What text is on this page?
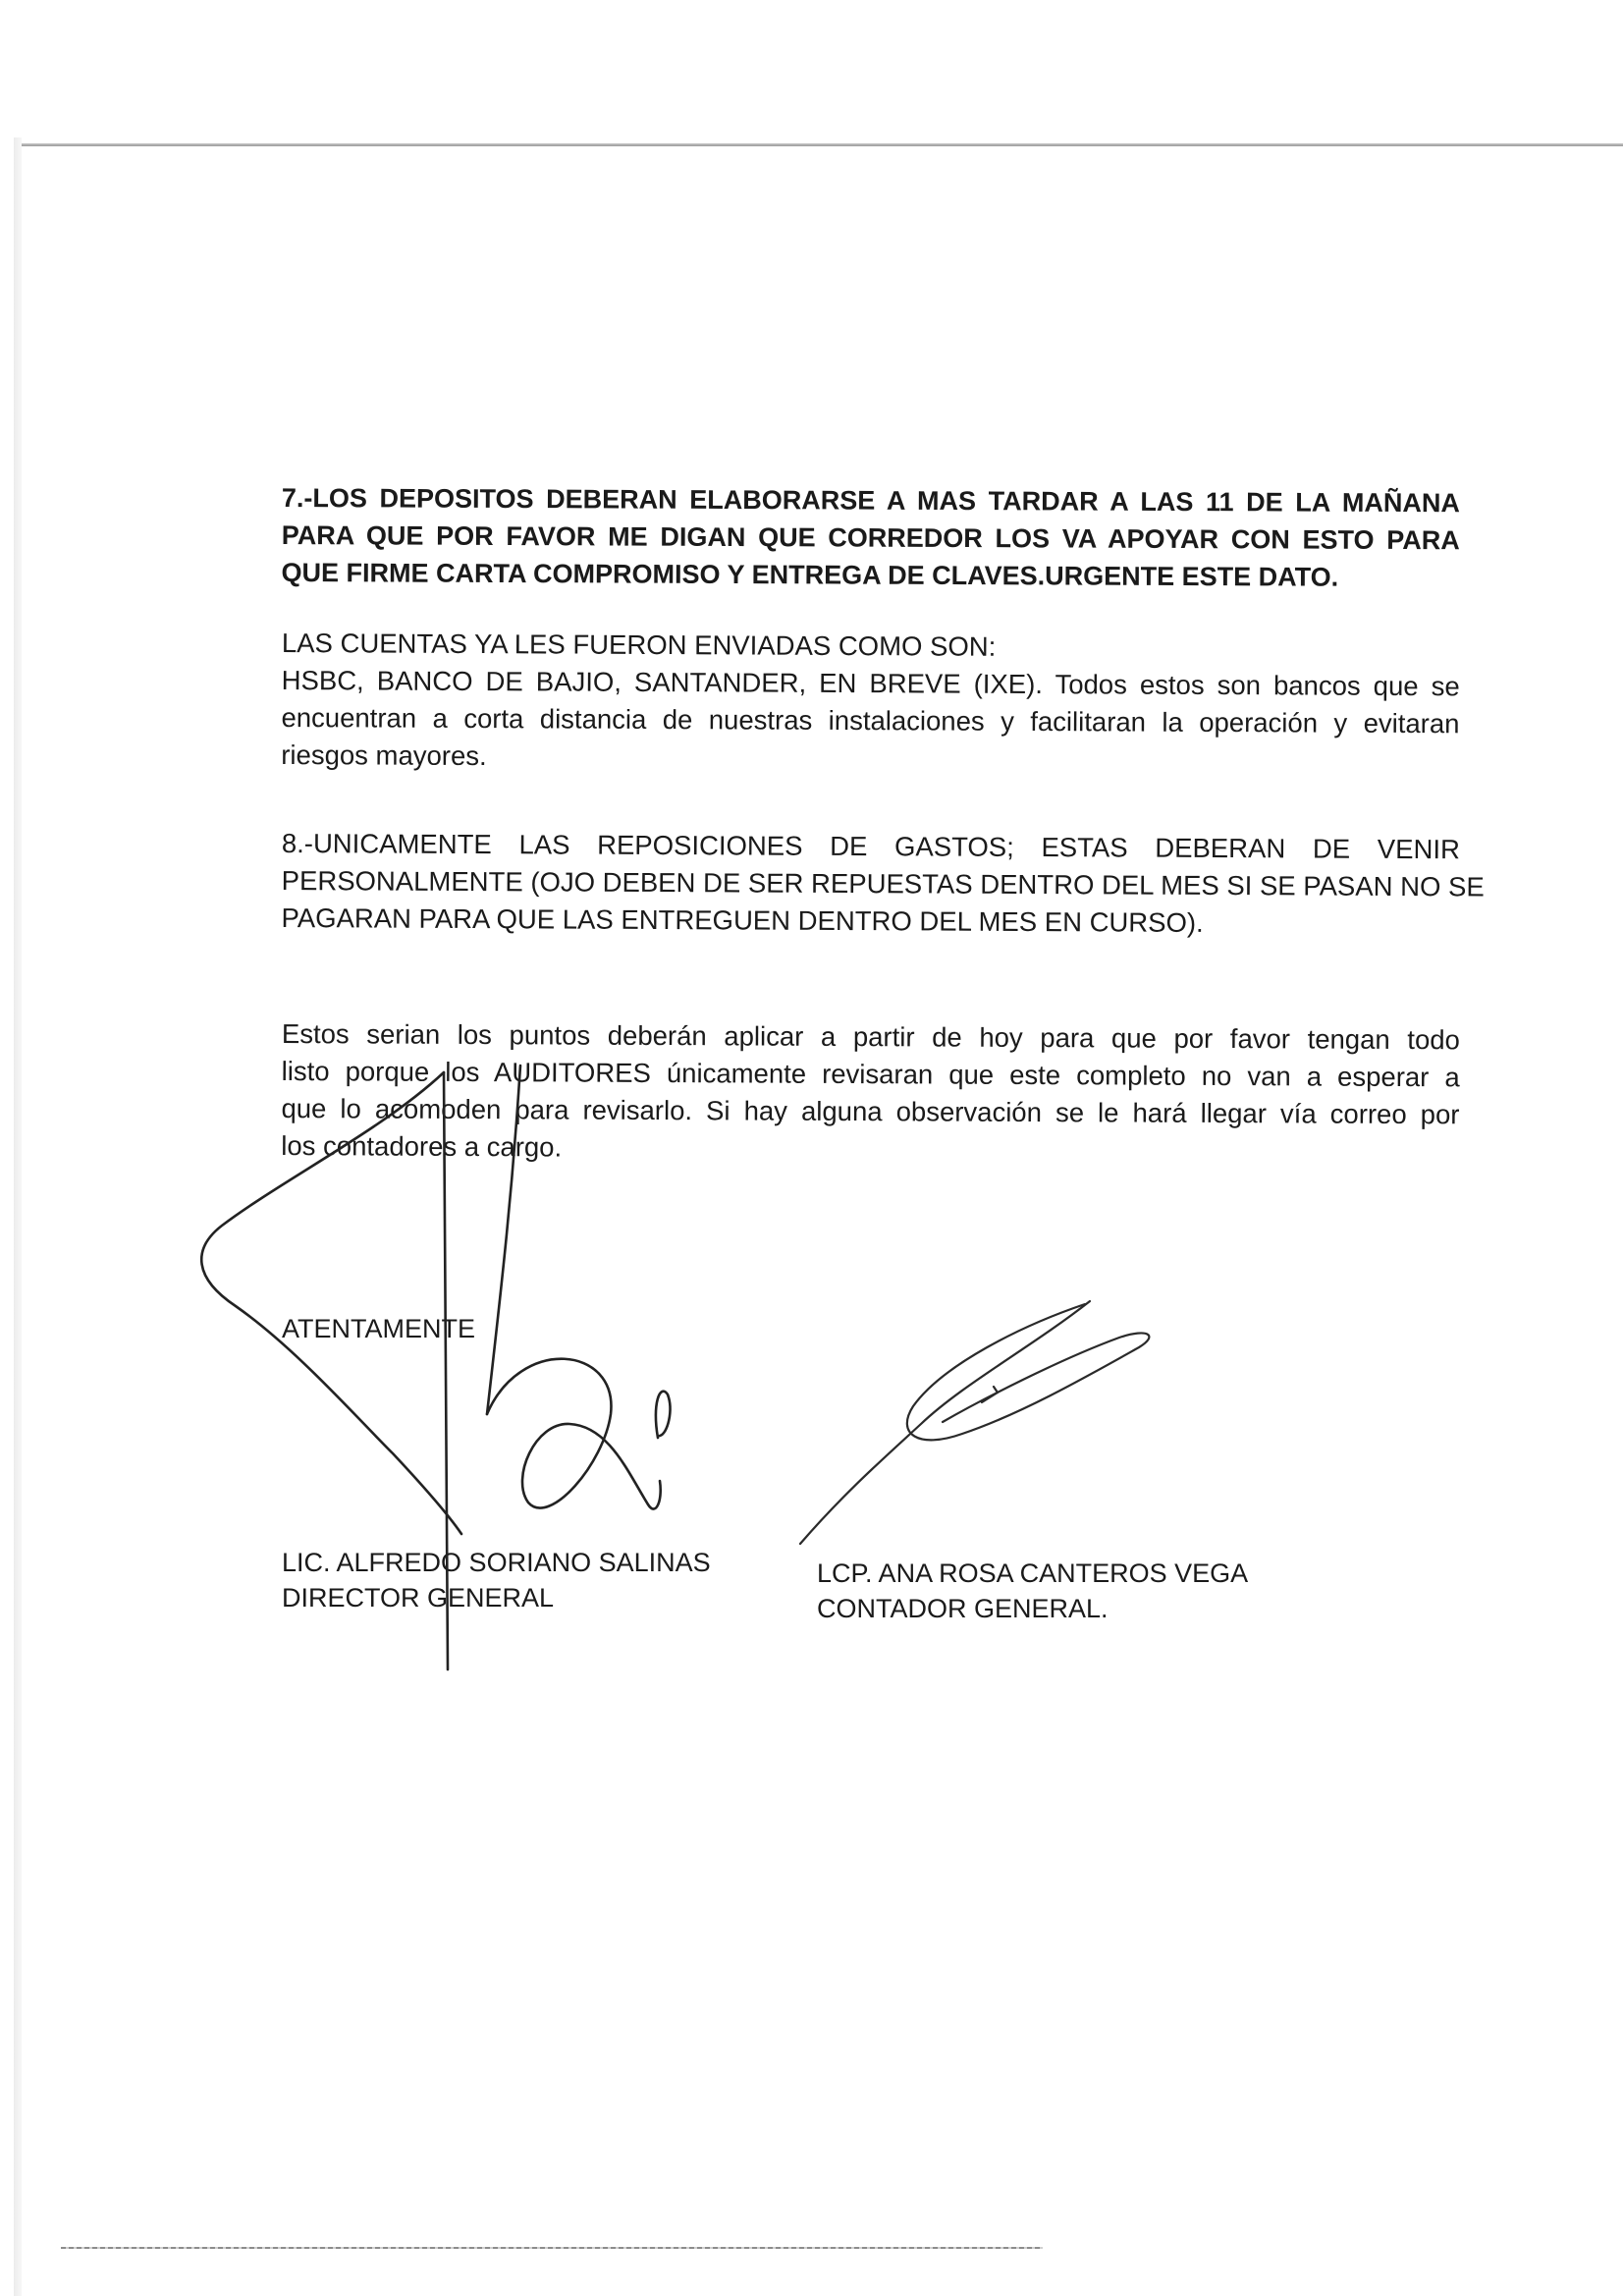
7.-LOS DEPOSITOS DEBERAN ELABORARSE A MAS TARDAR A LAS 11 DE LA MAÑANA
PARA QUE POR FAVOR ME DIGAN QUE CORREDOR LOS VA APOYAR CON ESTO PARA
QUE FIRME CARTA COMPROMISO Y ENTREGA DE CLAVES.URGENTE ESTE DATO.
LAS CUENTAS YA LES FUERON ENVIADAS COMO SON:
HSBC, BANCO DE BAJIO, SANTANDER, EN BREVE (IXE). Todos estos son bancos que se
encuentran a corta distancia de nuestras instalaciones y facilitaran la operación y evitaran
riesgos mayores.
8.-UNICAMENTE LAS REPOSICIONES DE GASTOS; ESTAS DEBERAN DE VENIR
PERSONALMENTE (OJO DEBEN DE SER REPUESTAS DENTRO DEL MES SI SE PASAN NO SE
PAGARAN PARA QUE LAS ENTREGUEN DENTRO DEL MES EN CURSO).
Estos serian los puntos deberán aplicar a partir de hoy para que por favor tengan todo
listo porque los AUDITORES únicamente revisaran que este completo no van a esperar a
que lo acomoden para revisarlo. Si hay alguna observación se le hará llegar vía correo por
los contadores a cargo.
ATENTAMENTE
LIC. ALFREDO SORIANO SALINAS
DIRECTOR GENERAL
LCP. ANA ROSA CANTEROS VEGA
CONTADOR GENERAL.
